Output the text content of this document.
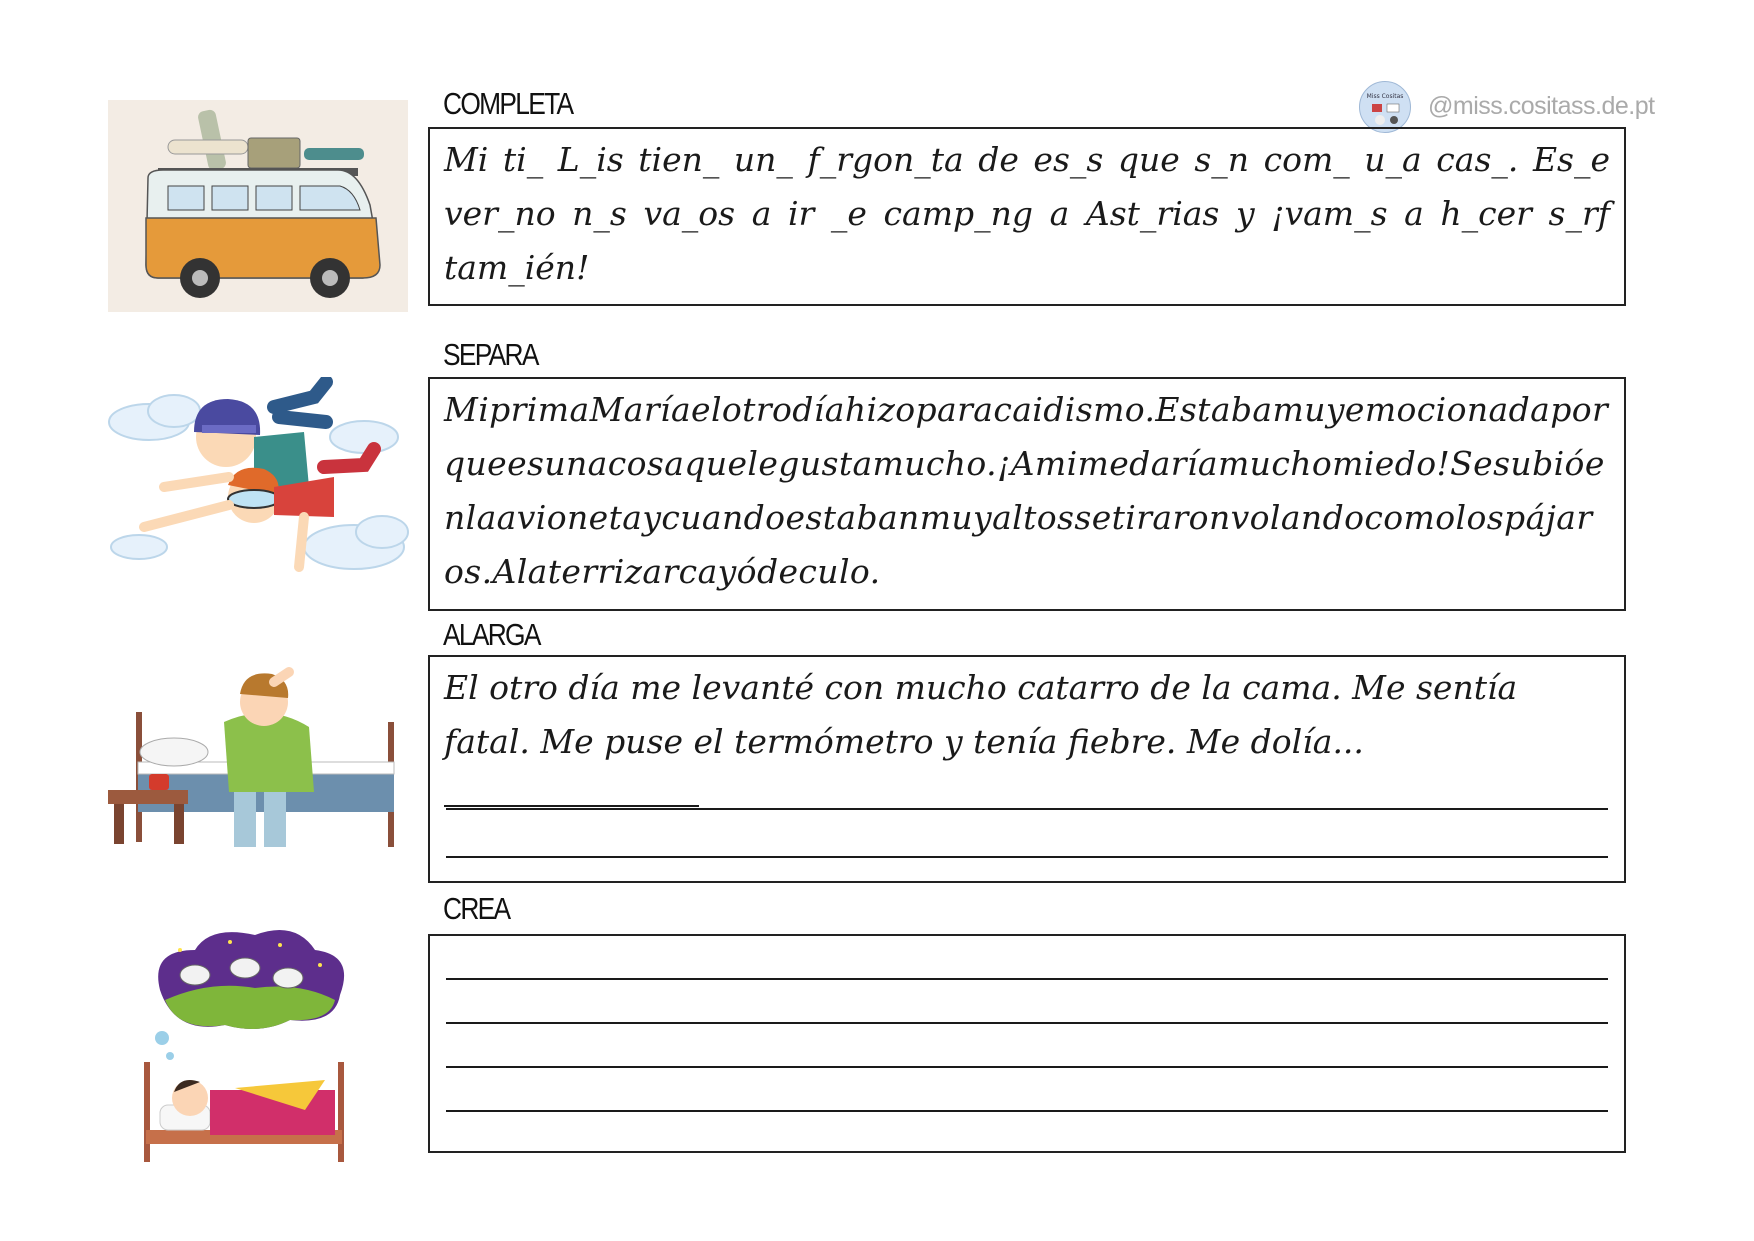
Miss Cositas @miss.cositass.de.pt
COMPLETA

Mi ti_ L_is tien_ un_ f_rgon_ta de es_s que s_n com_ u_a cas_. Es_e ver_no n_s va_os a ir _e camp_ng a Ast_rias y ¡vam_s a h_cer s_rf tam_ién!

SEPARA

MiprimaMaríaelotrodíahizoparacaidismo.Estabamuyemocionadaporqueesunacosaquelegustamucho.¡Amimedaríamuchomiedo!Sesubióenlaavionetaycuandoestabanmuyaltossetiraronvolandocomolospájaros.Alaterrizarcayódeculo.

ALARGA

El otro día me levanté con mucho catarro de la cama. Me sentía fatal. Me puse el termómetro y tenía fiebre. Me dolía...

CREA
